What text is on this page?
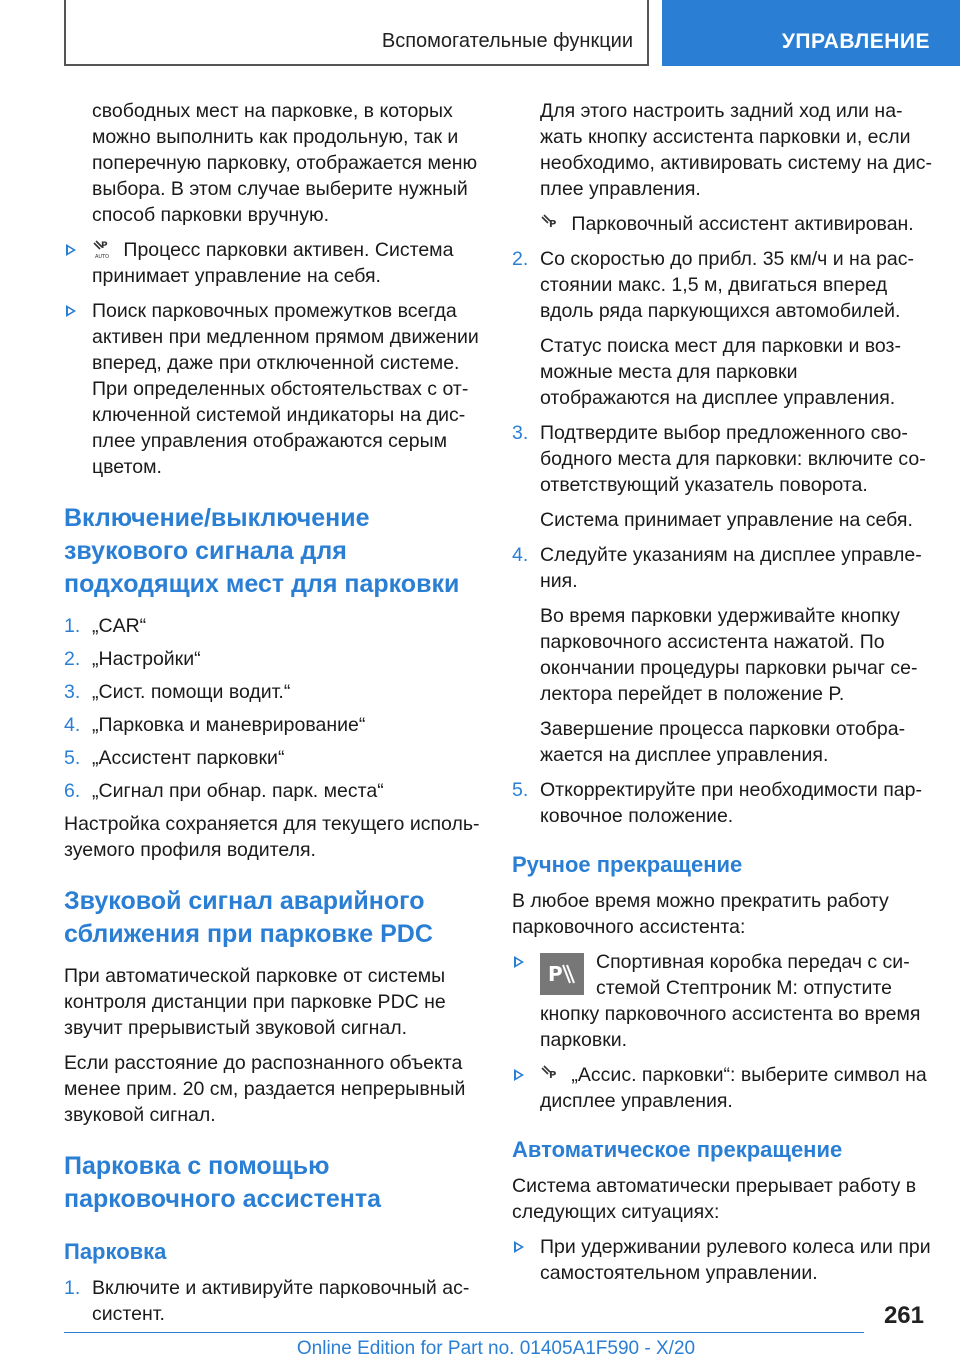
Вспомогательные функции	УПРАВЛЕНИЕ

свободных мест на парковке, в которых можно выполнить как продольную, так и поперечную парковку, отображается меню выбора. В этом случае выберите нужный способ парковки вручную.

P
AUTO Процесс парковки активен. Система принимает управление на себя.
Поиск парковочных промежутков всегда активен при медленном прямом движении вперед, даже при отключенной системе. При определенных обстоятельствах с отключенной системой индикаторы на дисплее управления отображаются серым цветом.
Включение/выключение звукового сигнала для подходящих мест для парковки
1. „CAR“
2. „Настройки“
3. „Сист. помощи водит.“
4. „Парковка и маневрирование“
5. „Ассистент парковки“
6. „Сигнал при обнар. парк. места“

Настройка сохраняется для текущего используемого профиля водителя.

Звуковой сигнал аварийного сближения при парковке PDC

При автоматической парковке от системы контроля дистанции при парковке PDC не звучит прерывистый звуковой сигнал.

Если расстояние до распознанного объекта менее прим. 20 см, раздается непрерывный звуковой сигнал.

Парковка с помощью парковочного ассистента
Парковка
1. Включите и активируйте парковочный ассистент.

Для этого настроить задний ход или нажать кнопку ассистента парковки и, если необходимо, активировать систему на дисплее управления.

P Парковочный ассистент активирован.

2. Со скоростью до прибл. 35 км/ч и на расстоянии макс. 1,5 м, двигаться вперед вдоль ряда паркующихся автомобилей.

Статус поиска мест для парковки и возможные места для парковки отображаются на дисплее управления.

3. Подтвердите выбор предложенного свободного места для парковки: включите соответствующий указатель поворота.

Система принимает управление на себя.

4. Следуйте указаниям на дисплее управления.

Во время парковки удерживайте кнопку парковочного ассистента нажатой. По окончании процедуры парковки рычаг селектора перейдет в положение P.

Завершение процесса парковки отображается на дисплее управления.

5. Откорректируйте при необходимости парковочное положение.
Ручное прекращение

В любое время можно прекратить работу парковочного ассистента:

P Спортивная коробка передач с системой Стептроник M: отпустите кнопку парковочного ассистента во время парковки.
P „Ассис. парковки“: выберите символ на дисплее управления.
Автоматическое прекращение

Система автоматически прерывает работу в следующих ситуациях:

При удерживании рулевого колеса или при самостоятельном управлении.
261
Online Edition for Part no. 01405A1F590 - X/20
